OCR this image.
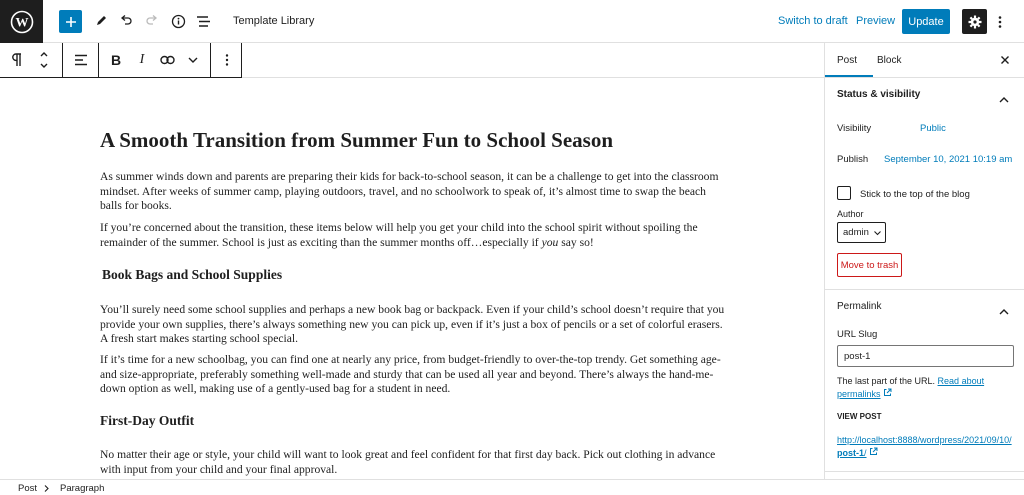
W	Template Library	Switch to draft Preview	Update
B	I
A Smooth Transition from Summer Fun to School Season

As summer winds down and parents are preparing their kids for back-to-school season, it can be a challenge to get into the classroom mindset. After weeks of summer camp, playing outdoors, travel, and no schoolwork to speak of, it’s almost time to swap the beach balls for books.

If you’re concerned about the transition, these items below will help you get your child into the school spirit without spoiling the remainder of the summer. School is just as exciting than the summer months off…especially if you say so!

Book Bags and School Supplies

You’ll surely need some school supplies and perhaps a new book bag or backpack. Even if your child’s school doesn’t require that you provide your own supplies, there’s always something new you can pick up, even if it’s just a box of pencils or a set of colorful erasers. A fresh start makes starting school special.

If it’s time for a new schoolbag, you can find one at nearly any price, from budget-friendly to over-the-top trendy. Get something age- and size-appropriate, preferably something well-made and sturdy that can be used all year and beyond. There’s always the hand-me-down option as well, making use of a gently-used bag for a student in need.

First-Day Outfit

No matter their age or style, your child will want to look great and feel confident for that first day back. Pick out clothing in advance with input from your child and your final approval.

Post Block
Status & visibility
Visibility	Public
Publish September 10, 2021 10:19 am
Stick to the top of the blog
Author
admin
Move to trash
Permalink
URL Slug
post-1
The last part of the URL. Read about permalinks
VIEW POST
http://localhost:8888/wordpress/2021/09/10/post-1/
Post Paragraph
